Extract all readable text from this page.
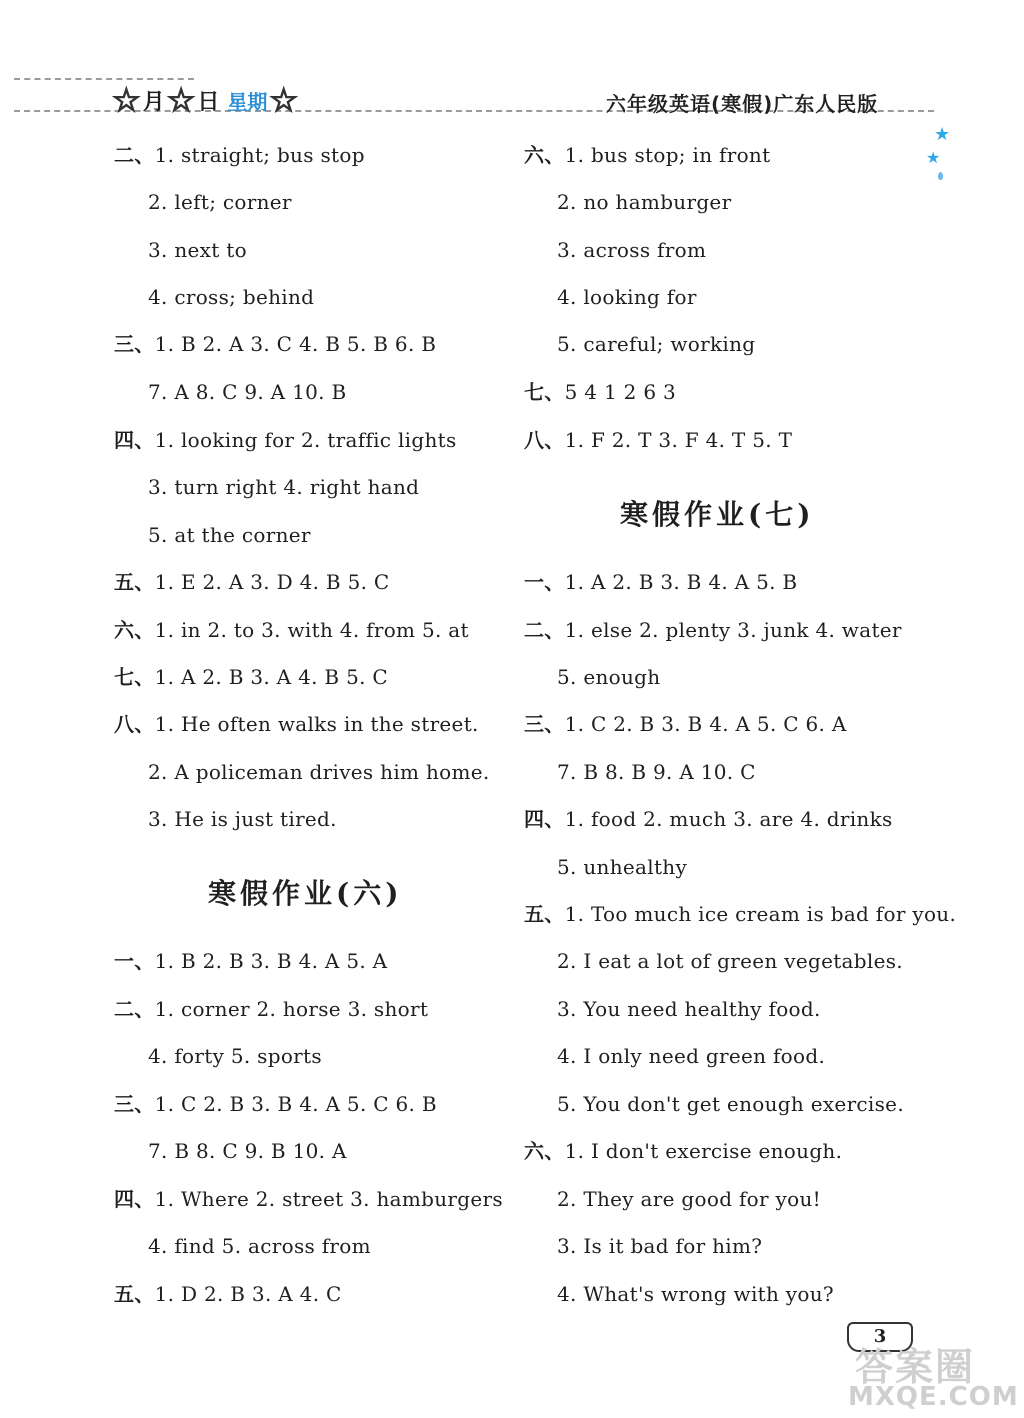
☆ 月 ☆ 日 星期 ☆	六年级英语(寒假)广东人民版
★
★
二、1. straight; bus stop
2. left; corner
3. next to
4. cross; behind
三、1. B 2. A 3. C 4. B 5. B 6. B
7. A 8. C 9. A 10. B
四、1. looking for 2. traffic lights
3. turn right 4. right hand
5. at the corner
五、1. E 2. A 3. D 4. B 5. C
六、1. in 2. to 3. with 4. from 5. at
七、1. A 2. B 3. A 4. B 5. C
八、1. He often walks in the street.
2. A policeman drives him home.
3. He is just tired.
寒假作业(六)
一、1. B 2. B 3. B 4. A 5. A
二、1. corner 2. horse 3. short
4. forty 5. sports
三、1. C 2. B 3. B 4. A 5. C 6. B
7. B 8. C 9. B 10. A
四、1. Where 2. street 3. hamburgers
4. find 5. across from
五、1. D 2. B 3. A 4. C
六、1. bus stop; in front
2. no hamburger
3. across from
4. looking for
5. careful; working
七、5 4 1 2 6 3
八、1. F 2. T 3. F 4. T 5. T
寒假作业(七)
一、1. A 2. B 3. B 4. A 5. B
二、1. else 2. plenty 3. junk 4. water
5. enough
三、1. C 2. B 3. B 4. A 5. C 6. A
7. B 8. B 9. A 10. C
四、1. food 2. much 3. are 4. drinks
5. unhealthy
五、1. Too much ice cream is bad for you.
2. I eat a lot of green vegetables.
3. You need healthy food.
4. I only need green food.
5. You don't get enough exercise.
六、1. I don't exercise enough.
2. They are good for you!
3. Is it bad for him?
4. What's wrong with you?
3
答案圈
MXQE.COM
